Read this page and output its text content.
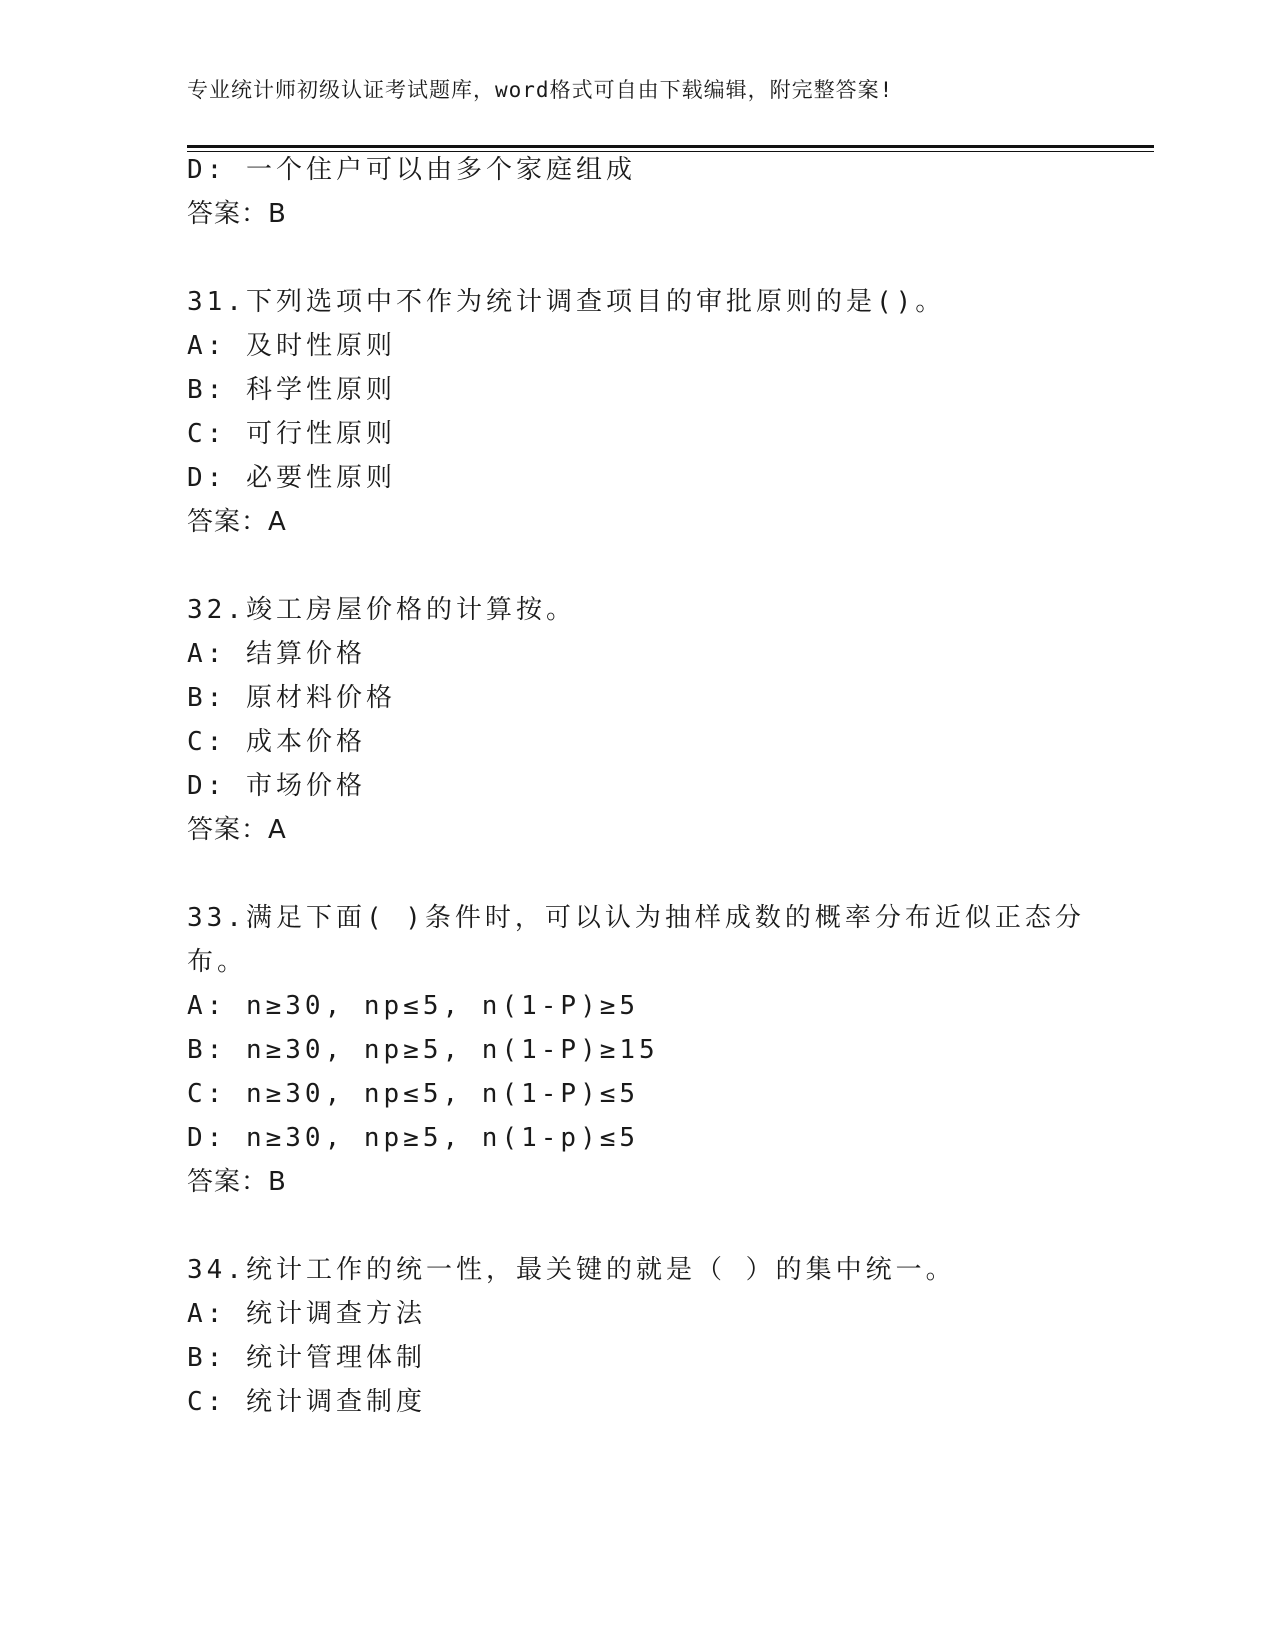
专业统计师初级认证考试题库，word格式可自由下载编辑，附完整答案!
D: 一个住户可以由多个家庭组成
答案：B
31.下列选项中不作为统计调查项目的审批原则的是()。
A: 及时性原则
B: 科学性原则
C: 可行性原则
D: 必要性原则
答案：A
32.竣工房屋价格的计算按。
A: 结算价格
B: 原材料价格
C: 成本价格
D: 市场价格
答案：A
33.满足下面( )条件时，可以认为抽样成数的概率分布近似正态分
布。
A: n≥30, np≤5, n(1-P)≥5
B: n≥30, np≥5, n(1-P)≥15
C: n≥30, np≤5, n(1-P)≤5
D: n≥30, np≥5, n(1-p)≤5
答案：B
34.统计工作的统一性，最关键的就是（ ）的集中统一。
A: 统计调查方法
B: 统计管理体制
C: 统计调查制度
